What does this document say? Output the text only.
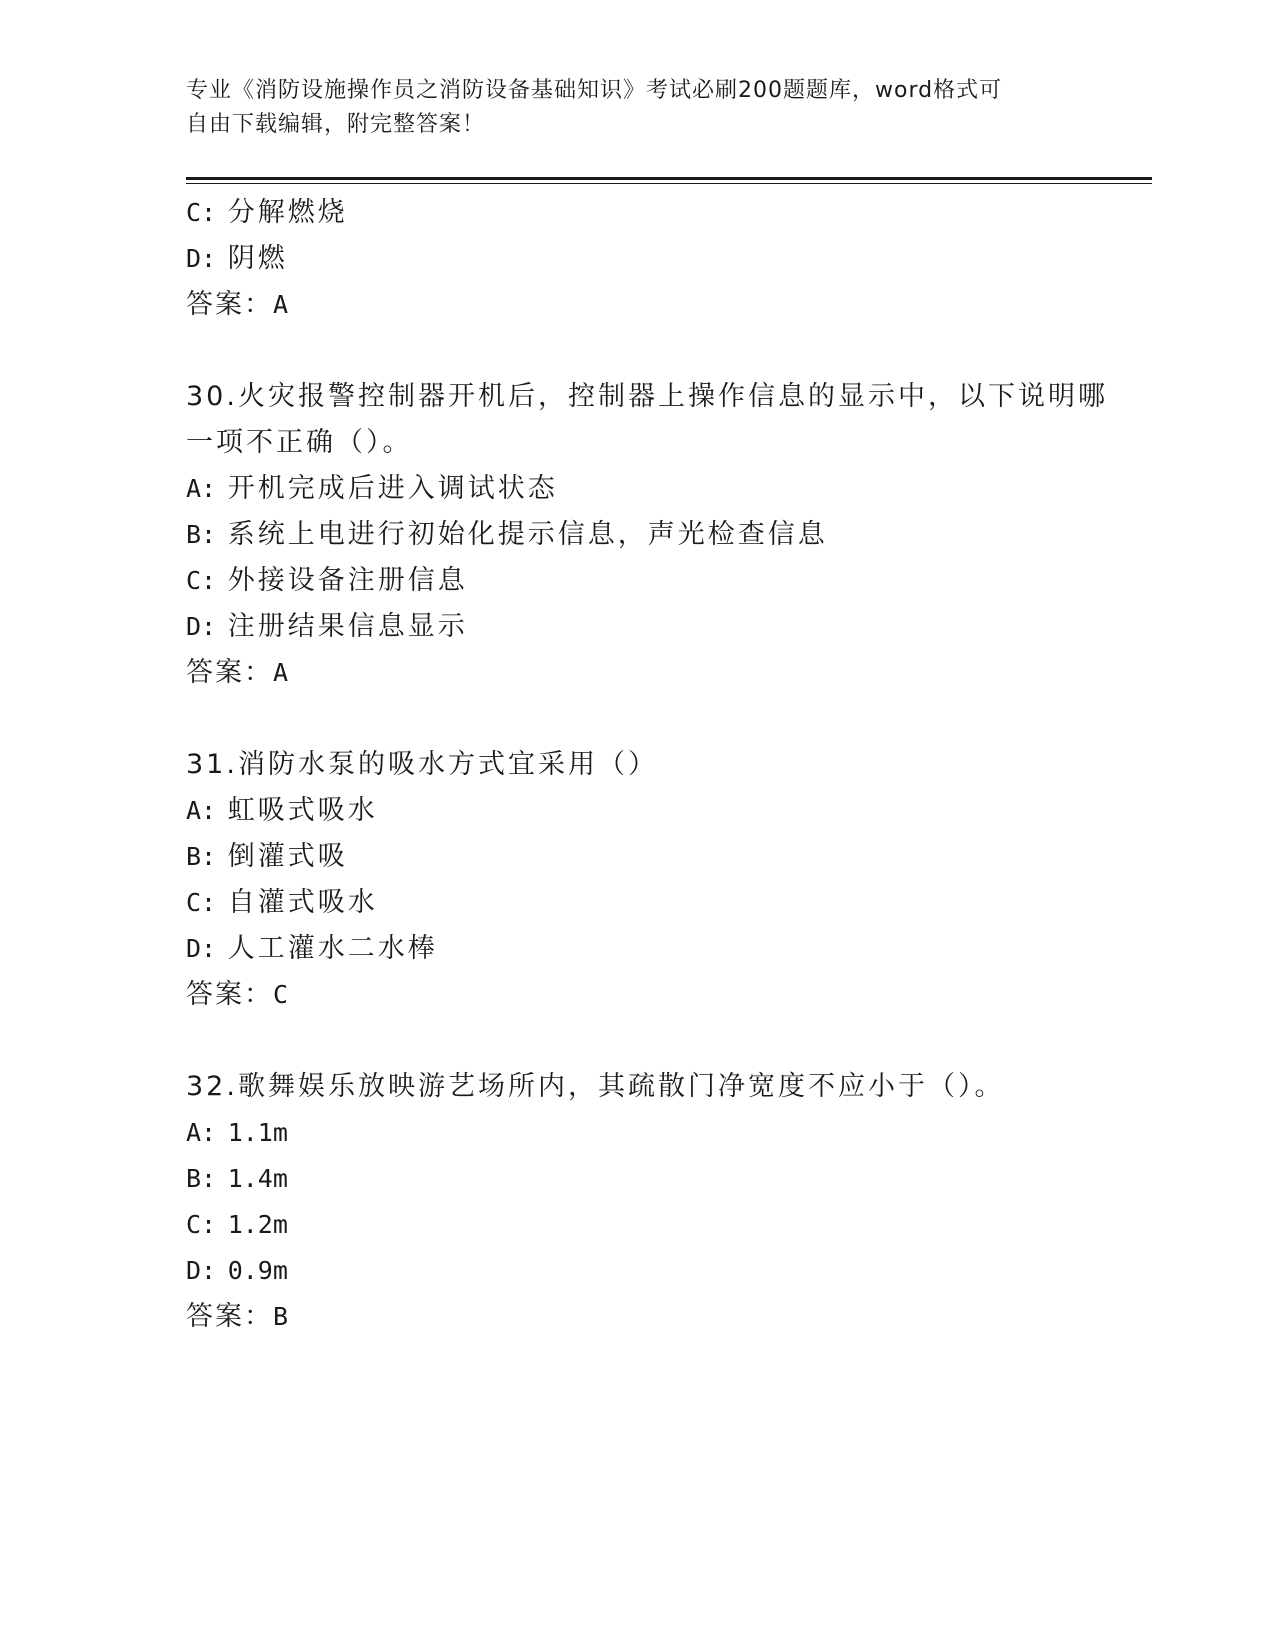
专业《消防设施操作员之消防设备基础知识》考试必刷200题题库，word格式可
自由下载编辑，附完整答案！
C: 分解燃烧
D: 阴燃
答案：A
30.火灾报警控制器开机后，控制器上操作信息的显示中，以下说明哪
一项不正确（）。
A: 开机完成后进入调试状态
B: 系统上电进行初始化提示信息，声光检查信息
C: 外接设备注册信息
D: 注册结果信息显示
答案：A
31.消防水泵的吸水方式宜采用（）
A: 虹吸式吸水
B: 倒灌式吸
C: 自灌式吸水
D: 人工灌水二水棒
答案：C
32.歌舞娱乐放映游艺场所内，其疏散门净宽度不应小于（）。
A: 1.1m
B: 1.4m
C: 1.2m
D: 0.9m
答案：B
